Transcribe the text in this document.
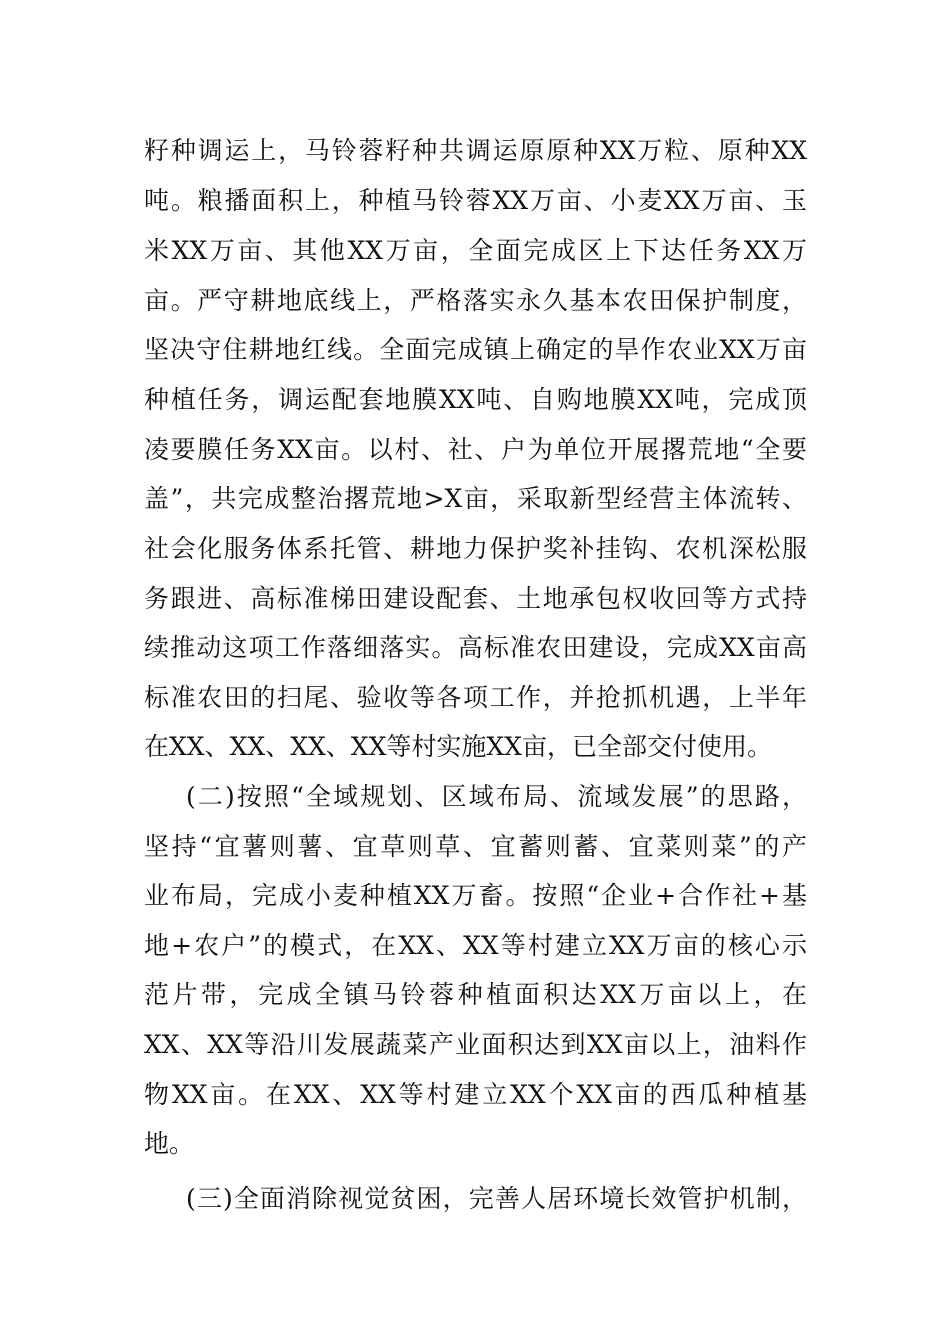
籽种调运上，马铃蓉籽种共调运原原种XX万粒、原种XX
吨。粮播面积上，种植马铃蓉XX万亩、小麦XX万亩、玉
米XX万亩、其他XX万亩，全面完成区上下达任务XX万
亩。严守耕地底线上，严格落实永久基本农田保护制度，
坚决守住耕地红线。全面完成镇上确定的旱作农业XX万亩
种植任务，调运配套地膜XX吨、自购地膜XX吨，完成顶
凌要膜任务XX亩。以村、社、户为单位开展撂荒地“全要
盖”，共完成整治撂荒地>X亩，采取新型经营主体流转、
社会化服务体系托管、耕地力保护奖补挂钩、农机深松服
务跟进、高标准梯田建设配套、土地承包权收回等方式持
续推动这项工作落细落实。高标准农田建设，完成XX亩高
标准农田的扫尾、验收等各项工作，并抢抓机遇，上半年
在XX、XX、XX、XX等村实施XX亩，已全部交付使用。
(二)按照“全域规划、区域布局、流域发展”的思路，
坚持“宜薯则薯、宜草则草、宜蓄则蓄、宜菜则菜”的产
业布局，完成小麦种植XX万畜。按照“企业+合作社+基
地+农户”的模式，在XX、XX等村建立XX万亩的核心示
范片带，完成全镇马铃蓉种植面积达XX万亩以上，在
XX、XX等沿川发展蔬菜产业面积达到XX亩以上，油料作
物XX亩。在XX、XX等村建立XX个XX亩的西瓜种植基
地。
(三)全面消除视觉贫困，完善人居环境长效管护机制，
